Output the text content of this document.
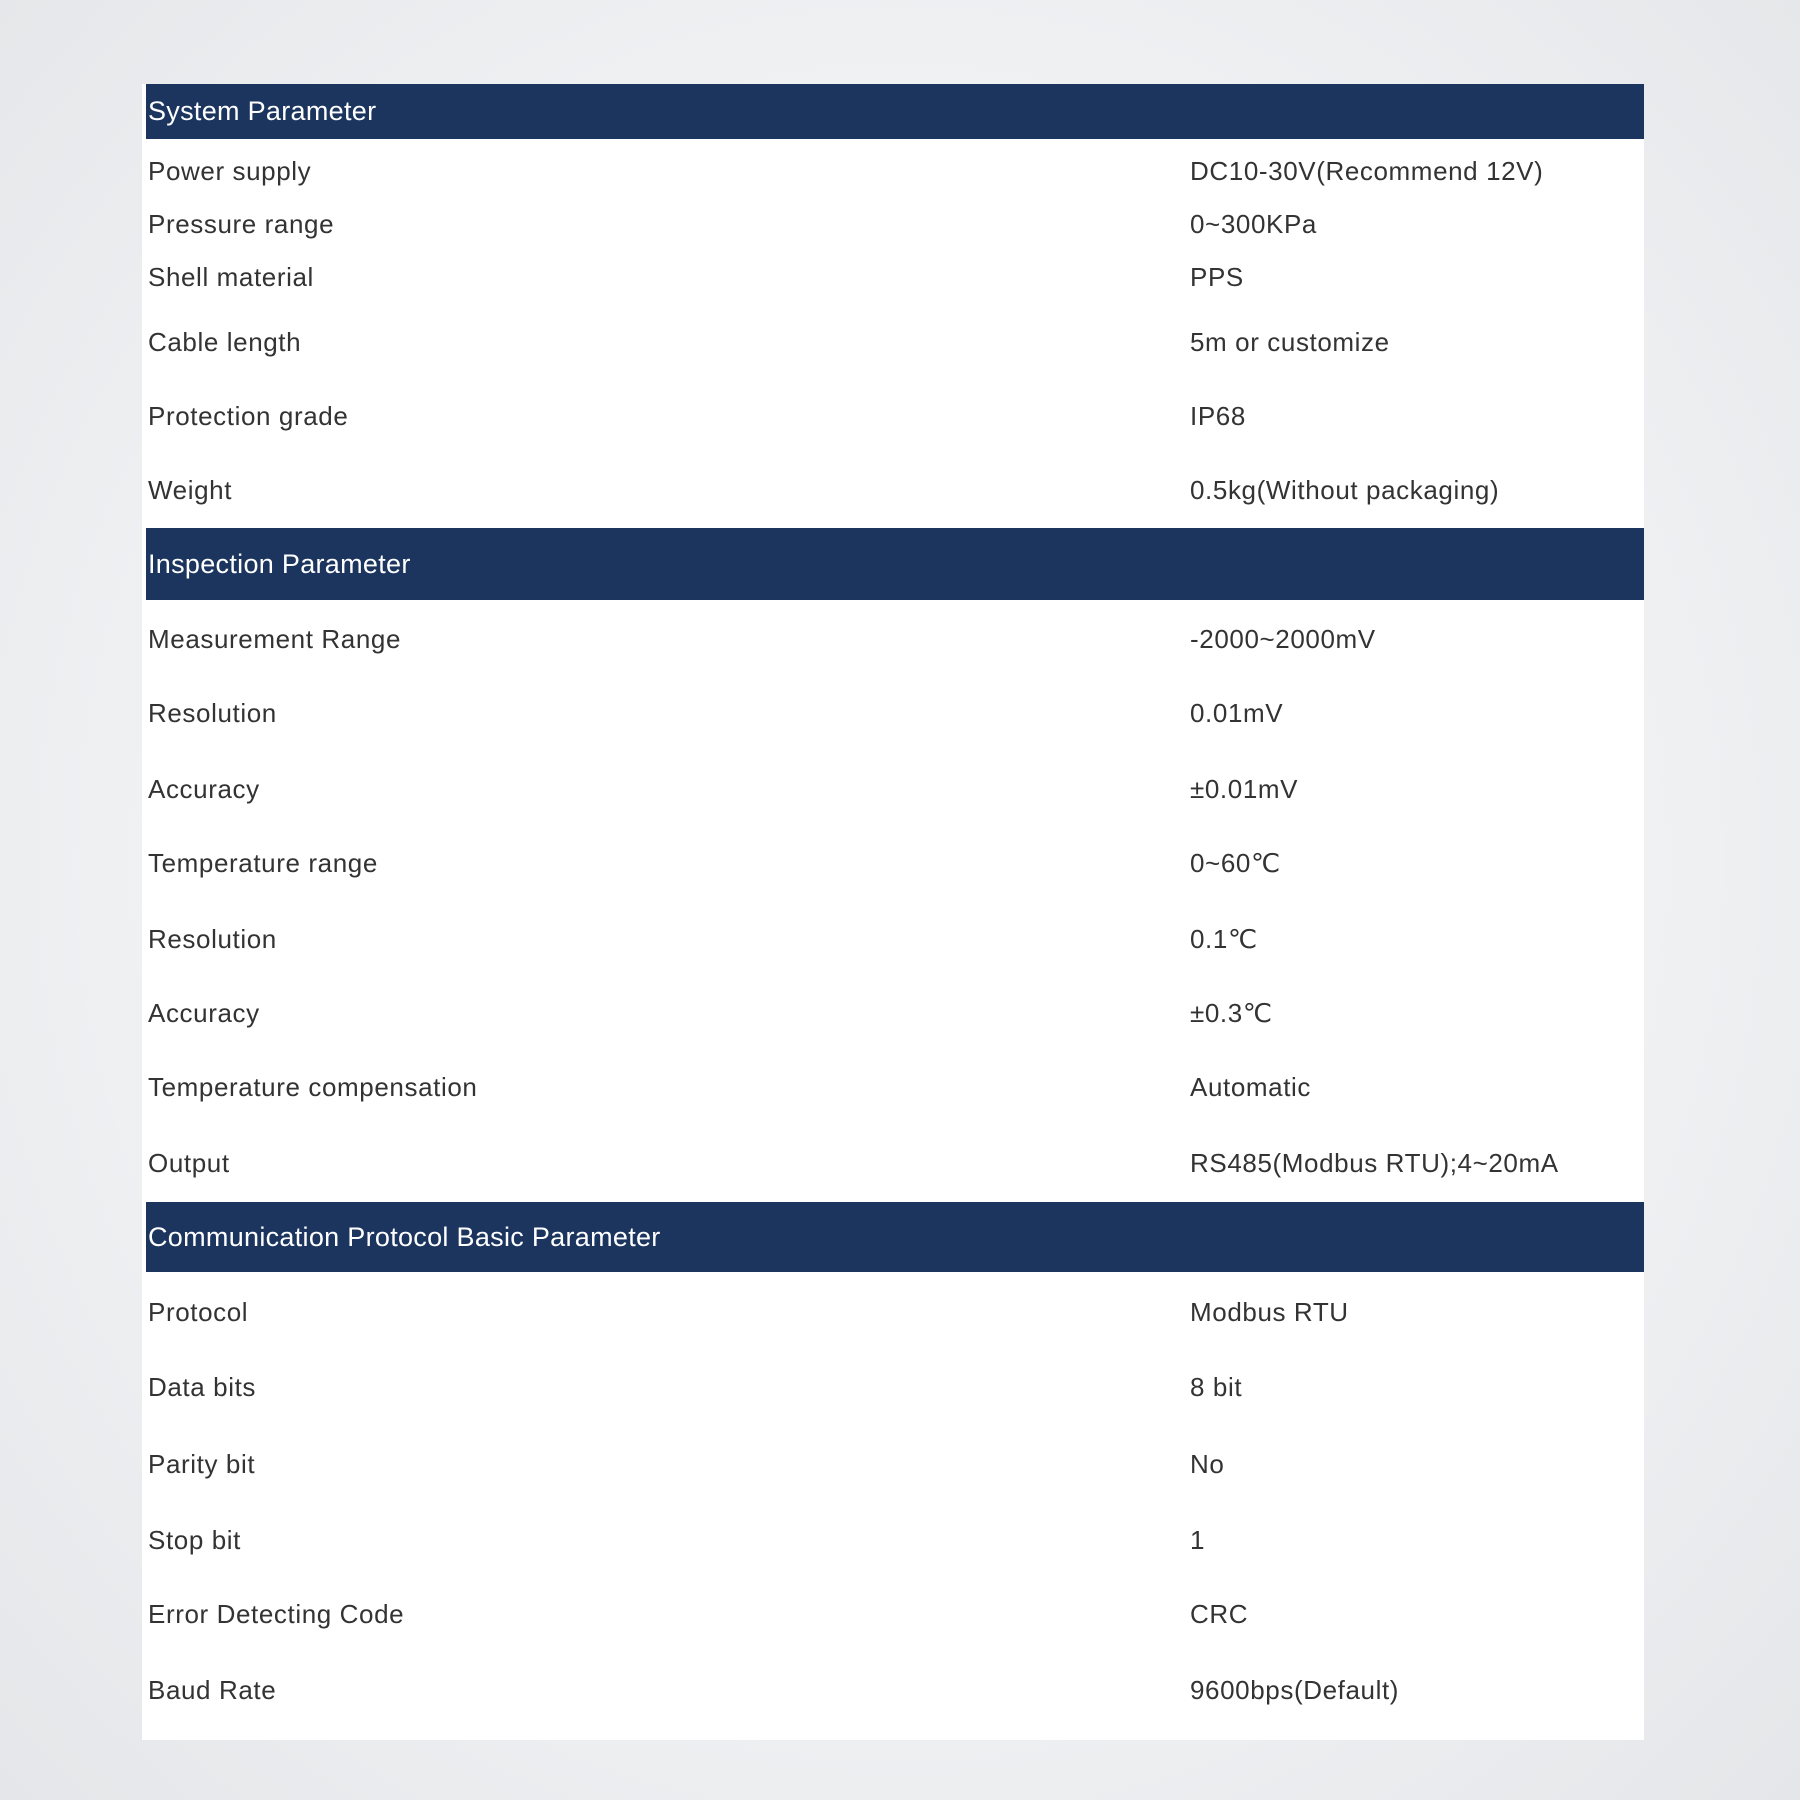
System Parameter
Power supply	DC10-30V(Recommend 12V)
Pressure range	0~300KPa
Shell material	PPS
Cable length	5m or customize
Protection grade	IP68
Weight	0.5kg(Without packaging)
Inspection Parameter
Measurement Range	-2000~2000mV
Resolution	0.01mV
Accuracy	±0.01mV
Temperature range	0~60℃
Resolution	0.1℃
Accuracy	±0.3℃
Temperature compensation	Automatic
Output	RS485(Modbus RTU);4~20mA
Communication Protocol Basic Parameter
Protocol	Modbus RTU
Data bits	8 bit
Parity bit	No
Stop bit	1
Error Detecting Code	CRC
Baud Rate	9600bps(Default)
